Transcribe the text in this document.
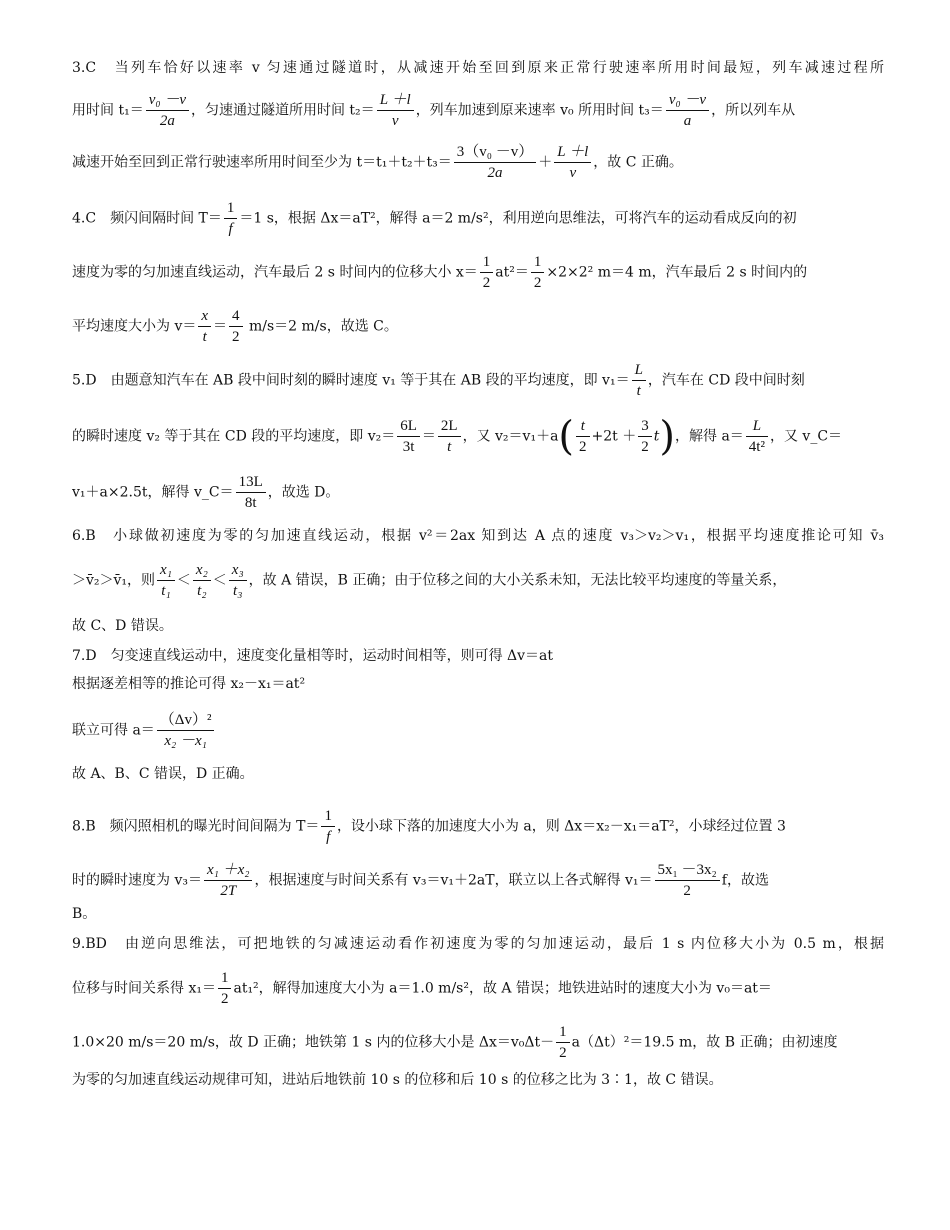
3.C　当列车恰好以速率 v 匀速通过隧道时，从减速开始至回到原来正常行驶速率所用时间最短，列车减速过程所
用时间 $t_1= \frac{\text{v₀ －v}}{2a}$ ，匀速通过隧道所用时间 $t_2= \frac{L +l}{v}$ ，列车加速到原来速率 v₀ 所用时间 $t_3= \frac{\text{v₀ －v}}{a}$ ，所以列车从
减速开始至回到正常行驶速率所用时间至少为 $t=t_1+t_2+t_3= \frac{\text{3（v₀ －v）}}{2a} + \frac{L +l}{v}$ ，故 C 正确。
4.C　频闪间隔时间 $T= \frac{1}{f} =1$ s，根据 Δx＝aT²，解得 a＝2 m/s²，利用逆向思维法，可将汽车的运动看成反向的初
速度为零的匀加速直线运动，汽车最后 2 s 时间内的位移大小 $x= \frac{1}{2} at^2= \frac{1}{2} \times 2\times 2^2$ m＝4 m，汽车最后 2 s 时间内的
平均速度大小为 $v= \frac{x}{t} = \frac{4}{2} m/s=2$ m/s，故选 C。
5.D　由题意知汽车在 AB 段中间时刻的瞬时速度 v₁ 等于其在 AB 段的平均速度，即 $v_1= \frac{L}{t}$ ，汽车在 CD 段中间时刻
的瞬时速度 v₂ 等于其在 CD 段的平均速度，即 $v_2= \frac{6L}{3t} = \frac{2L}{t}$ ，又 $v_2=v_1+a( \frac{t}{2} +2t + \frac{3}{2} t)$，解得 $a= \frac{L}{\text{4t²}}$ ，又 v_C＝
v₁＋a×2.5t，解得 v_C＝ $\frac{13L}{8t}$ ，故选 D。
6.B　小球做初速度为零的匀加速直线运动，根据 v²＝2ax 知到达 A 点的速度 v₃＞v₂＞v₁，根据平均速度推论可知 v̄₃
＞v̄₂＞v̄₁，则 $\frac{\text{x₁}}{\text{t₁}} < \frac{\text{x₂}}{\text{t₂}} < \frac{\text{x₃}}{\text{t₃}}$ ，故 A 错误，B 正确；由于位移之间的大小关系未知，无法比较平均速度的等量关系，
故 C、D 错误。
7.D　匀变速直线运动中，速度变化量相等时，运动时间相等，则可得 Δv＝at
根据逐差相等的推论可得 x₂－x₁＝at²
联立可得 $a= \frac{\text{（Δv）²}}{\text{x₂ －x₁}}$
故 A、B、C 错误，D 正确。
8.B　频闪照相机的曝光时间间隔为 $T= \frac{1}{f}$ ，设小球下落的加速度大小为 a，则 Δx＝x₂－x₁＝aT²，小球经过位置 3
时的瞬时速度为 $v_3= \frac{\text{x₁ ＋x₂}}{2T}$ ，根据速度与时间关系有 v₃＝v₁＋2aT，联立以上各式解得 $v_1= \frac{\text{5x₁ －3x₂}}{2}$ f，故选
B。
9.BD　由逆向思维法，可把地铁的匀减速运动看作初速度为零的匀加速运动，最后 1 s 内位移大小为 0.5 m，根据
位移与时间关系得 $x_1= \frac{1}{2} at_1^2$，解得加速度大小为 a＝1.0 m/s²，故 A 错误；地铁进站时的速度大小为 v₀＝at＝
1.0×20 m/s＝20 m/s，故 D 正确；地铁第 1 s 内的位移大小是 $\Delta x=v_0\Delta t- \frac{1}{2} a(\Delta t)^2=19.5$ m，故 B 正确；由初速度
为零的匀加速直线运动规律可知，进站后地铁前 10 s 的位移和后 10 s 的位移之比为 3∶1，故 C 错误。
